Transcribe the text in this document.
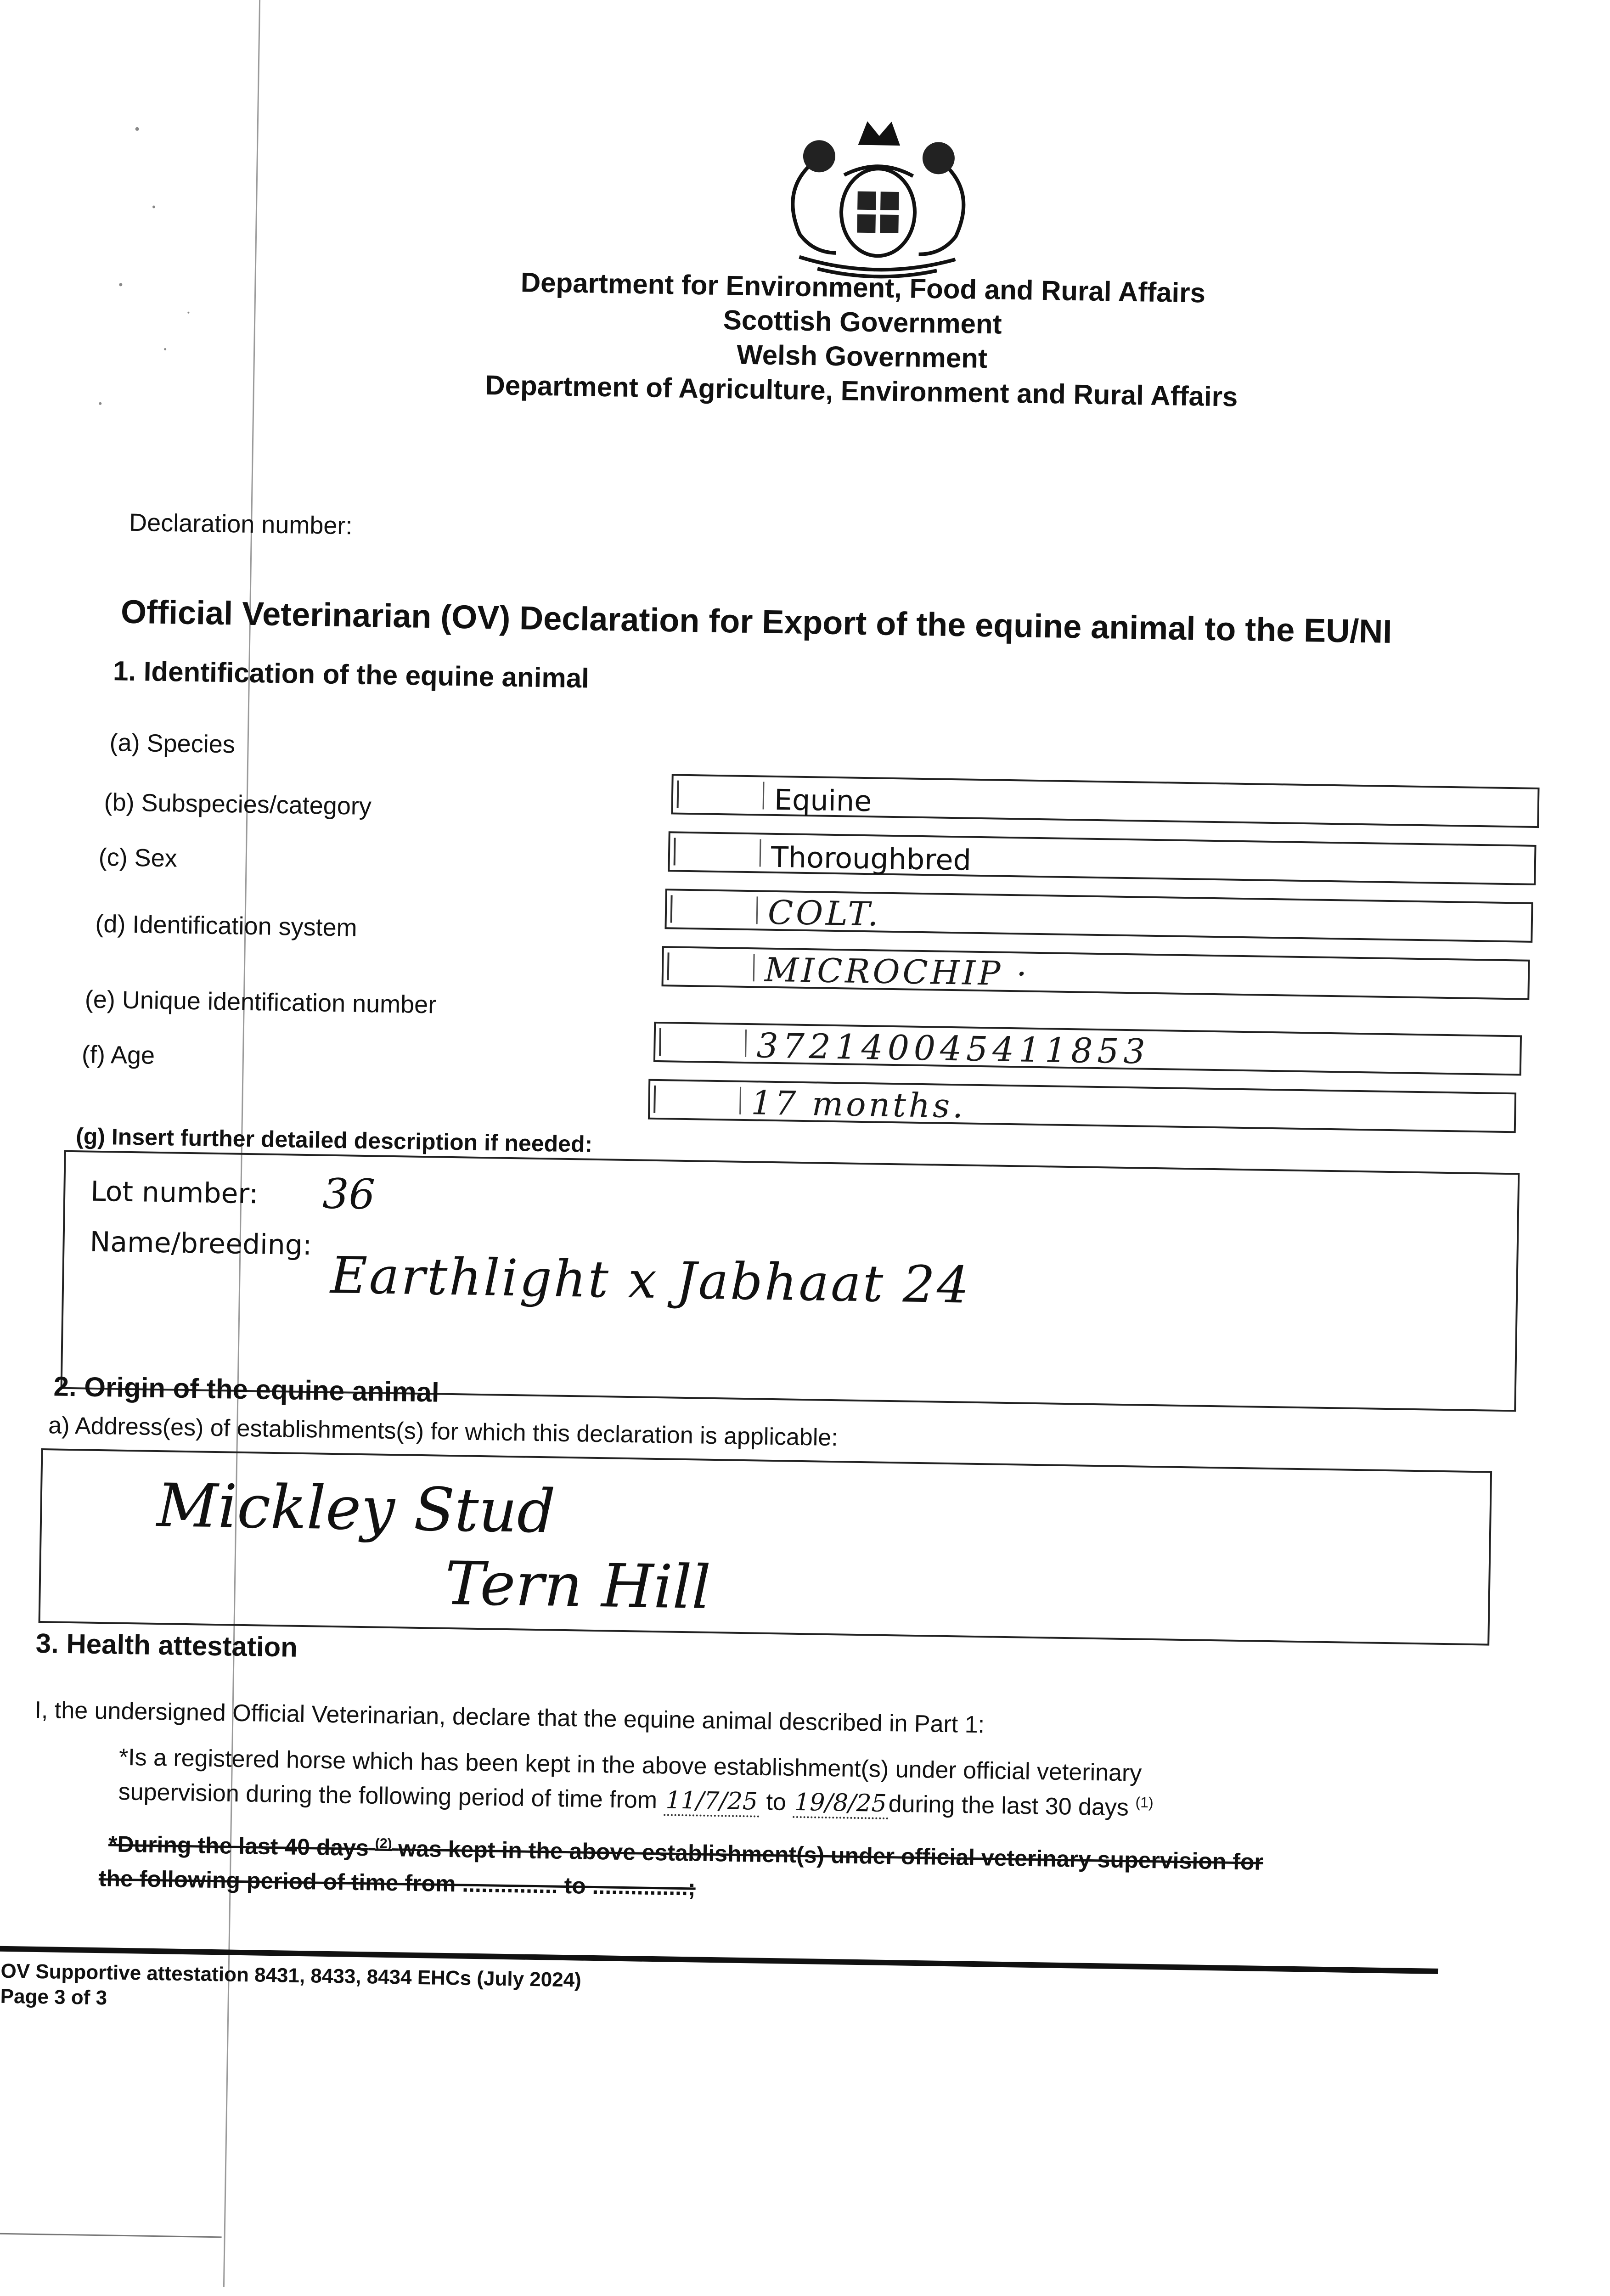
Department for Environment, Food and Rural Affairs
Scottish Government
Welsh Government
Department of Agriculture, Environment and Rural Affairs
Declaration number:
Official Veterinarian (OV) Declaration for Export of the equine animal to the EU/NI
1. Identification of the equine animal
(a) Species
(b) Subspecies/category
(c) Sex
(d) Identification system
(e) Unique identification number
(f) Age
Equine
Thoroughbred
COLT.
MICROCHIP ·
372140045411853
17 months.
(g) Insert further detailed description if needed:
Lot number: 36
Name/breeding:
Earthlight x Jabhaat 24
2. Origin of the equine animal
a) Address(es) of establishments(s) for which this declaration is applicable:
Mickley Stud
Tern Hill
3. Health attestation
I, the undersigned Official Veterinarian, declare that the equine animal described in Part 1:
*Is a registered horse which has been kept in the above establishment(s) under official veterinary
supervision during the following period of time from 11/7/25 to 19/8/25during the last 30 days $^{(1)}$
*During the last 40 days $^{(2)}$ was kept in the above establishment(s) under official veterinary supervision for
the following period of time from ............... to ...............;
OV Supportive attestation 8431, 8433, 8434 EHCs (July 2024)
Page 3 of 3
